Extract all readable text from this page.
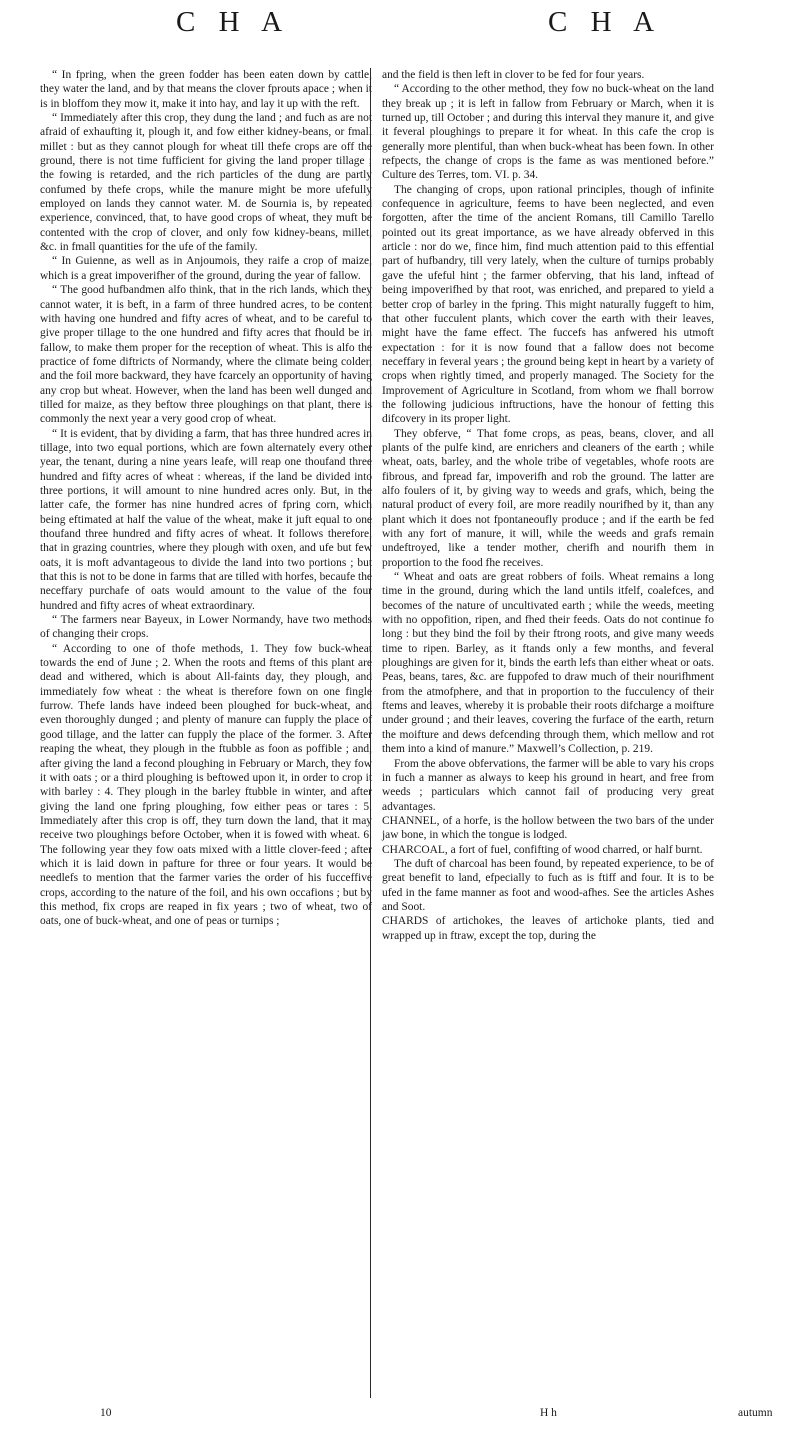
C H A	C H A

“ In fpring, when the green fodder has been eaten down by cattle, they water the land, and by that means the clover fprouts apace ; when it is in bloffom they mow it, make it into hay, and lay it up with the reft.

“ Immediately after this crop, they dung the land ; and fuch as are not afraid of exhaufting it, plough it, and fow either kidney-beans, or fmall millet : but as they cannot plough for wheat till thefe crops are off the ground, there is not time fufficient for giving the land proper tillage ; the fowing is retarded, and the rich particles of the dung are partly confumed by thefe crops, while the manure might be more ufefully employed on lands they cannot water. M. de Sournia is, by repeated experience, convinced, that, to have good crops of wheat, they muft be contented with the crop of clover, and only fow kidney-beans, millet, &c. in fmall quantities for the ufe of the family.

“ In Guienne, as well as in Anjoumois, they raife a crop of maize, which is a great impoverifher of the ground, during the year of fallow.

“ The good hufbandmen alfo think, that in the rich lands, which they cannot water, it is beft, in a farm of three hundred acres, to be content with having one hundred and fifty acres of wheat, and to be careful to give proper tillage to the one hundred and fifty acres that fhould be in fallow, to make them proper for the reception of wheat. This is alfo the practice of fome diftricts of Normandy, where the climate being colder, and the foil more backward, they have fcarcely an opportunity of having any crop but wheat. However, when the land has been well dunged and tilled for maize, as they beftow three ploughings on that plant, there is commonly the next year a very good crop of wheat.

“ It is evident, that by dividing a farm, that has three hundred acres in tillage, into two equal portions, which are fown alternately every other year, the tenant, during a nine years leafe, will reap one thoufand three hundred and fifty acres of wheat : whereas, if the land be divided into three portions, it will amount to nine hundred acres only. But, in the latter cafe, the former has nine hundred acres of fpring corn, which being eftimated at half the value of the wheat, make it juft equal to one thoufand three hundred and fifty acres of wheat. It follows therefore, that in grazing countries, where they plough with oxen, and ufe but few oats, it is moft advantageous to divide the land into two portions ; but that this is not to be done in farms that are tilled with horfes, becaufe the neceffary purchafe of oats would amount to the value of the four hundred and fifty acres of wheat extraordinary.

“ The farmers near Bayeux, in Lower Normandy, have two methods of changing their crops.

“ According to one of thofe methods, 1. They fow buck-wheat towards the end of June ; 2. When the roots and ftems of this plant are dead and withered, which is about All-faints day, they plough, and immediately fow wheat : the wheat is therefore fown on one fingle furrow. Thefe lands have indeed been ploughed for buck-wheat, and even thoroughly dunged ; and plenty of manure can fupply the place of good tillage, and the latter can fupply the place of the former. 3. After reaping the wheat, they plough in the ftubble as foon as poffible ; and, after giving the land a fecond ploughing in February or March, they fow it with oats ; or a third ploughing is beftowed upon it, in order to crop it with barley : 4. They plough in the barley ftubble in winter, and after giving the land one fpring ploughing, fow either peas or tares : 5. Immediately after this crop is off, they turn down the land, that it may receive two ploughings before October, when it is fowed with wheat. 6. The following year they fow oats mixed with a little clover-feed ; after which it is laid down in pafture for three or four years. It would be needlefs to mention that the farmer varies the order of his fucceffive crops, according to the nature of the foil, and his own occafions ; but by this method, fix crops are reaped in fix years ; two of wheat, two of oats, one of buck-wheat, and one of peas or turnips ;

and the field is then left in clover to be fed for four years.

“ According to the other method, they fow no buck-wheat on the land they break up ; it is left in fallow from February or March, when it is turned up, till October ; and during this interval they manure it, and give it feveral ploughings to prepare it for wheat. In this cafe the crop is generally more plentiful, than when buck-wheat has been fown. In other refpects, the change of crops is the fame as was mentioned before.” Culture des Terres, tom. VI. p. 34.

The changing of crops, upon rational principles, though of infinite confequence in agriculture, feems to have been neglected, and even forgotten, after the time of the ancient Romans, till Camillo Tarello pointed out its great importance, as we have already obferved in this article : nor do we, fince him, find much attention paid to this effential part of hufbandry, till very lately, when the culture of turnips probably gave the ufeful hint ; the farmer obferving, that his land, inftead of being impoverifhed by that root, was enriched, and prepared to yield a better crop of barley in the fpring. This might naturally fuggeft to him, that other fucculent plants, which cover the earth with their leaves, might have the fame effect. The fuccefs has anfwered his utmoft expectation : for it is now found that a fallow does not become neceffary in feveral years ; the ground being kept in heart by a variety of crops when rightly timed, and properly managed. The Society for the Improvement of Agriculture in Scotland, from whom we fhall borrow the following judicious inftructions, have the honour of fetting this difcovery in its proper light.

They obferve, “ That fome crops, as peas, beans, clover, and all plants of the pulfe kind, are enrichers and cleaners of the earth ; while wheat, oats, barley, and the whole tribe of vegetables, whofe roots are fibrous, and fpread far, impoverifh and rob the ground. The latter are alfo foulers of it, by giving way to weeds and grafs, which, being the natural product of every foil, are more readily nourifhed by it, than any plant which it does not fpontaneoufly produce ; and if the earth be fed with any fort of manure, it will, while the weeds and grafs remain undeftroyed, like a tender mother, cherifh and nourifh them in proportion to the food fhe receives.

“ Wheat and oats are great robbers of foils. Wheat remains a long time in the ground, during which the land untils itfelf, coalefces, and becomes of the nature of uncultivated earth ; while the weeds, meeting with no oppofition, ripen, and fhed their feeds. Oats do not continue fo long : but they bind the foil by their ftrong roots, and give many weeds time to ripen. Barley, as it ftands only a few months, and feveral ploughings are given for it, binds the earth lefs than either wheat or oats. Peas, beans, tares, &c. are fuppofed to draw much of their nourifhment from the atmofphere, and that in proportion to the fucculency of their ftems and leaves, whereby it is probable their roots difcharge a moifture under ground ; and their leaves, covering the furface of the earth, return the moifture and dews defcending through them, which mellow and rot them into a kind of manure.” Maxwell’s Collection, p. 219.

From the above obfervations, the farmer will be able to vary his crops in fuch a manner as always to keep his ground in heart, and free from weeds ; particulars which cannot fail of producing very great advantages.

CHANNEL, of a horfe, is the hollow between the two bars of the under jaw bone, in which the tongue is lodged.

CHARCOAL, a fort of fuel, confifting of wood charred, or half burnt.

The duft of charcoal has been found, by repeated experience, to be of great benefit to land, efpecially to fuch as is ftiff and four. It is to be ufed in the fame manner as foot and wood-afhes. See the articles Ashes and Soot.

CHARDS of artichokes, the leaves of artichoke plants, tied and wrapped up in ftraw, except the top, during the

10	H h	autumn
